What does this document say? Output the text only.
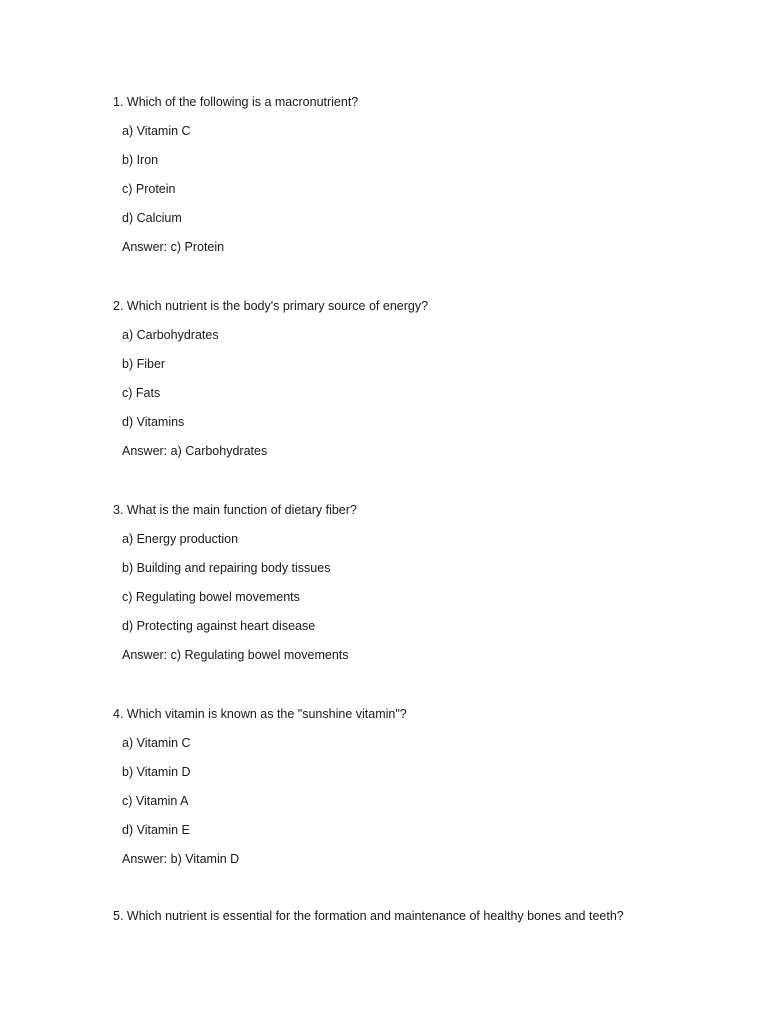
1. Which of the following is a macronutrient?
a) Vitamin C
b) Iron
c) Protein
d) Calcium
Answer: c) Protein
2. Which nutrient is the body's primary source of energy?
a) Carbohydrates
b) Fiber
c) Fats
d) Vitamins
Answer: a) Carbohydrates
3. What is the main function of dietary fiber?
a) Energy production
b) Building and repairing body tissues
c) Regulating bowel movements
d) Protecting against heart disease
Answer: c) Regulating bowel movements
4. Which vitamin is known as the "sunshine vitamin"?
a) Vitamin C
b) Vitamin D
c) Vitamin A
d) Vitamin E
Answer: b) Vitamin D
5. Which nutrient is essential for the formation and maintenance of healthy bones and teeth?
